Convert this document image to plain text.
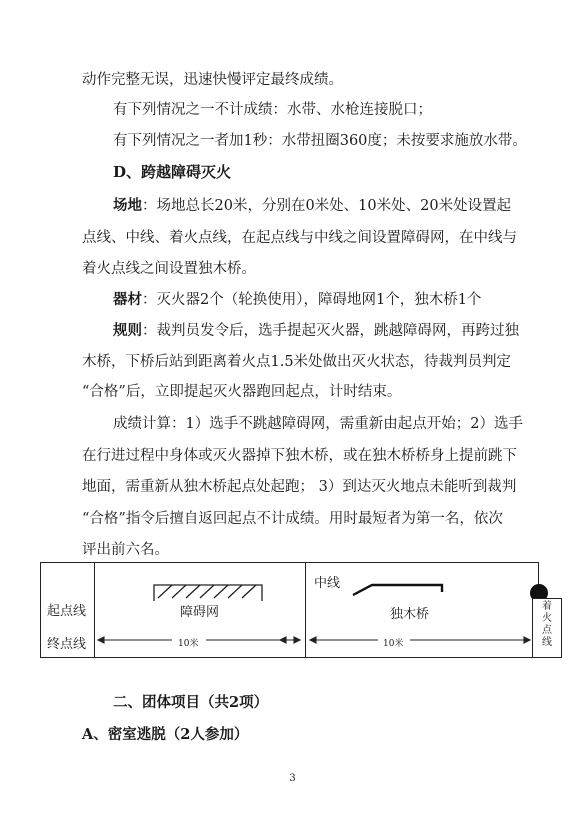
动作完整无误，迅速快慢评定最终成绩。
有下列情况之一不计成绩：水带、水枪连接脱口；
有下列情况之一者加1秒：水带扭圈360度；未按要求施放水带。
D、跨越障碍灭火
场地：场地总长20米，分别在0米处、10米处、20米处设置起
点线、中线、着火点线，在起点线与中线之间设置障碍网，在中线与
着火点线之间设置独木桥。
器材：灭火器2个（轮换使用），障碍地网1个，独木桥1个
规则：裁判员发令后，选手提起灭火器，跳越障碍网，再跨过独
木桥，下桥后站到距离着火点1.5米处做出灭火状态，待裁判员判定
“合格”后，立即提起灭火器跑回起点，计时结束。
成绩计算：1）选手不跳越障碍网，需重新由起点开始；2）选手
在行进过程中身体或灭火器掉下独木桥，或在独木桥桥身上提前跳下
地面，需重新从独木桥起点处起跑； 3）到达灭火地点未能听到裁判
“合格”指令后擅自返回起点不计成绩。用时最短者为第一名，依次
评出前六名。
起点线
终点线
中线
障碍网	独木桥
10米	10米
着火点线
二、团体项目（共2项）
A、密室逃脱（2人参加）
3
